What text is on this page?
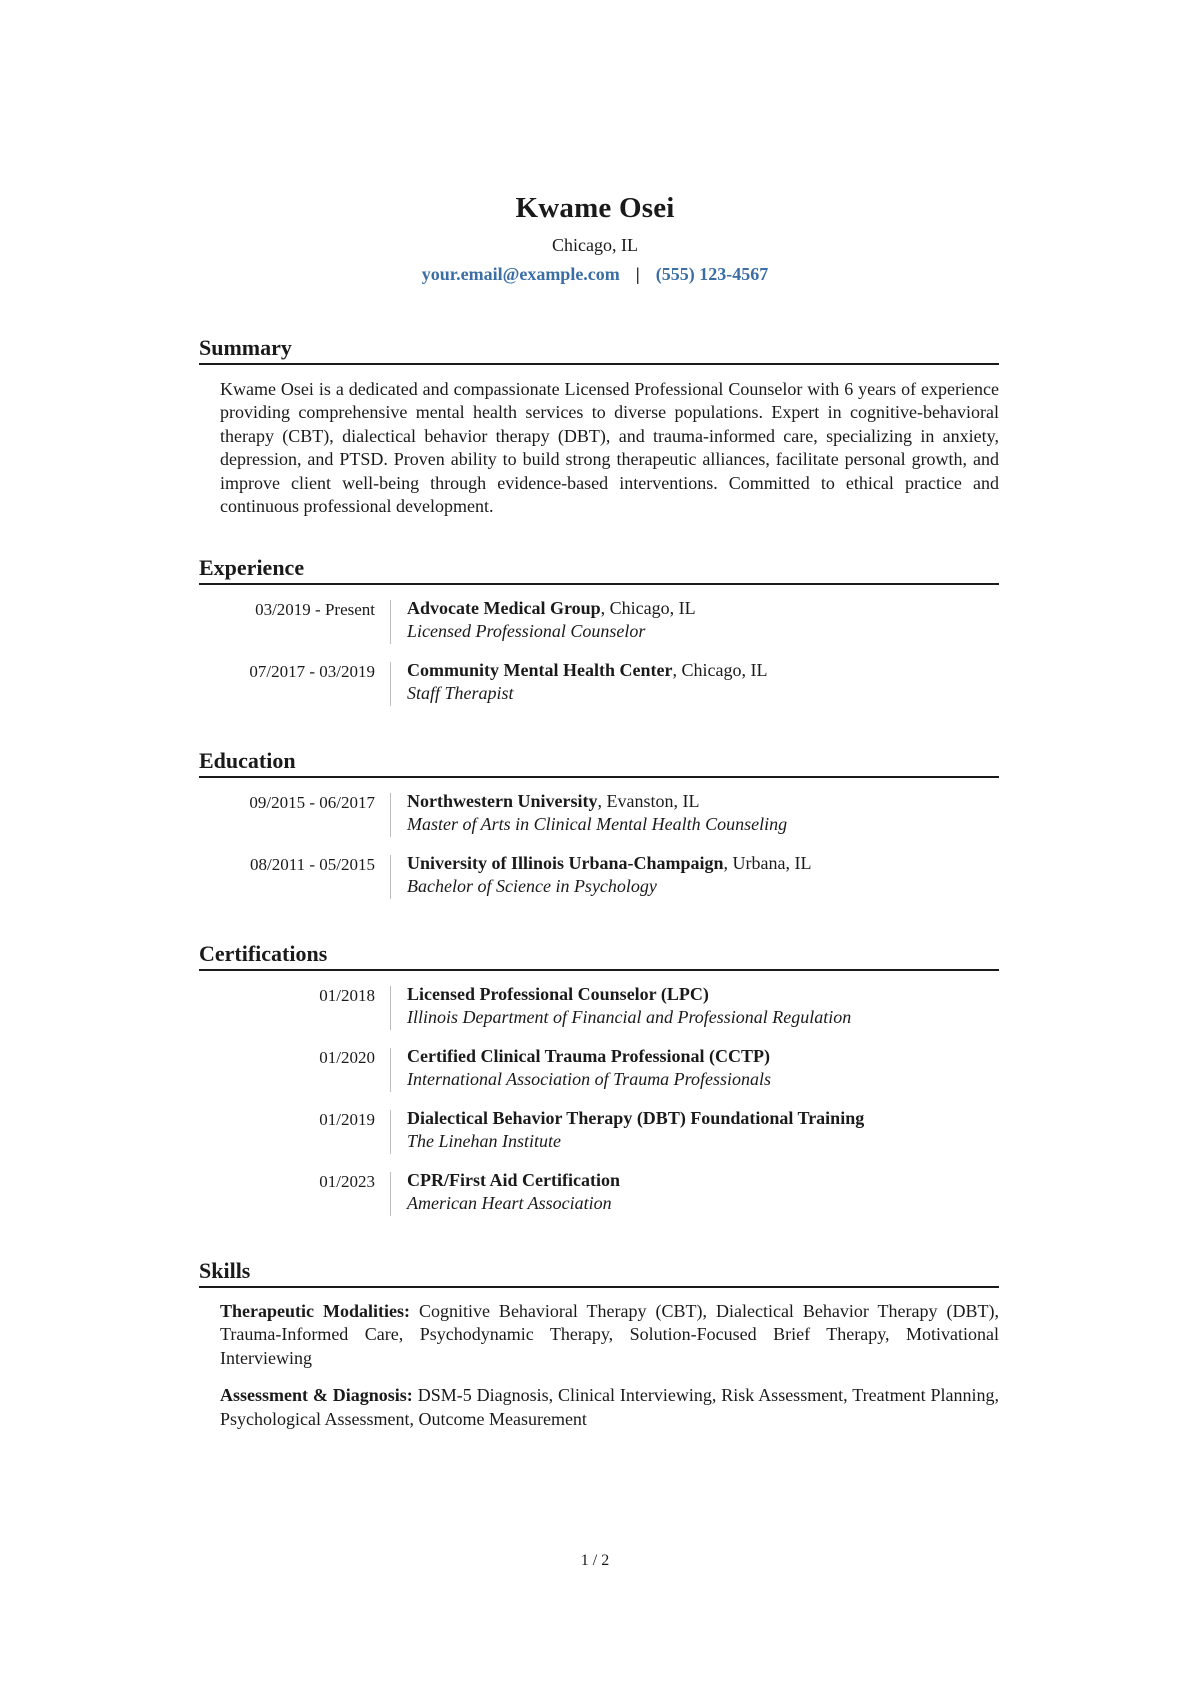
Kwame Osei
Chicago, IL
your.email@example.com | (555) 123-4567
Summary
Kwame Osei is a dedicated and compassionate Licensed Professional Counselor with 6 years of experience providing comprehensive mental health services to diverse populations. Expert in cognitive-behavioral therapy (CBT), dialectical behavior therapy (DBT), and trauma-informed care, specializing in anxiety, depression, and PTSD. Proven ability to build strong therapeutic alliances, facilitate personal growth, and improve client well-being through evidence-based interventions. Committed to ethical practice and continuous professional development.
Experience
03/2019 - Present Advocate Medical Group, Chicago, IL
Licensed Professional Counselor
07/2017 - 03/2019 Community Mental Health Center, Chicago, IL
Staff Therapist
Education
09/2015 - 06/2017 Northwestern University, Evanston, IL
Master of Arts in Clinical Mental Health Counseling
08/2011 - 05/2015 University of Illinois Urbana-Champaign, Urbana, IL
Bachelor of Science in Psychology
Certifications
01/2018 Licensed Professional Counselor (LPC)
Illinois Department of Financial and Professional Regulation
01/2020 Certified Clinical Trauma Professional (CCTP)
International Association of Trauma Professionals
01/2019 Dialectical Behavior Therapy (DBT) Foundational Training
The Linehan Institute
01/2023 CPR/First Aid Certification
American Heart Association
Skills

Therapeutic Modalities: Cognitive Behavioral Therapy (CBT), Dialectical Behavior Therapy (DBT), Trauma-Informed Care, Psychodynamic Therapy, Solution-Focused Brief Therapy, Motivational Interviewing

Assessment & Diagnosis: DSM-5 Diagnosis, Clinical Interviewing, Risk Assessment, Treatment Planning, Psychological Assessment, Outcome Measurement

1 / 2
